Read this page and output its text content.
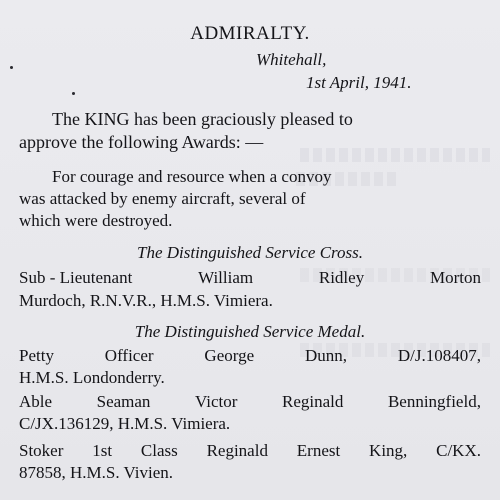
ADMIRALTY.
Whitehall,
1st April, 1941.
The KING has been graciously pleased to
approve the following Awards: —
For courage and resource when a convoy
was attacked by enemy aircraft, several of
which were destroyed.
The Distinguished Service Cross.
Sub - Lieutenant	William	Ridley	Morton
Murdoch, R.N.V.R., H.M.S. Vimiera.
The Distinguished Service Medal.
Petty	Officer	George	Dunn,	D/J.108407,
H.M.S. Londonderry.
Able	Seaman	Victor	Reginald	Benningfield,
C/JX.136129, H.M.S. Vimiera.
Stoker 1st Class Reginald Ernest King, C/KX.
87858, H.M.S. Vivien.
